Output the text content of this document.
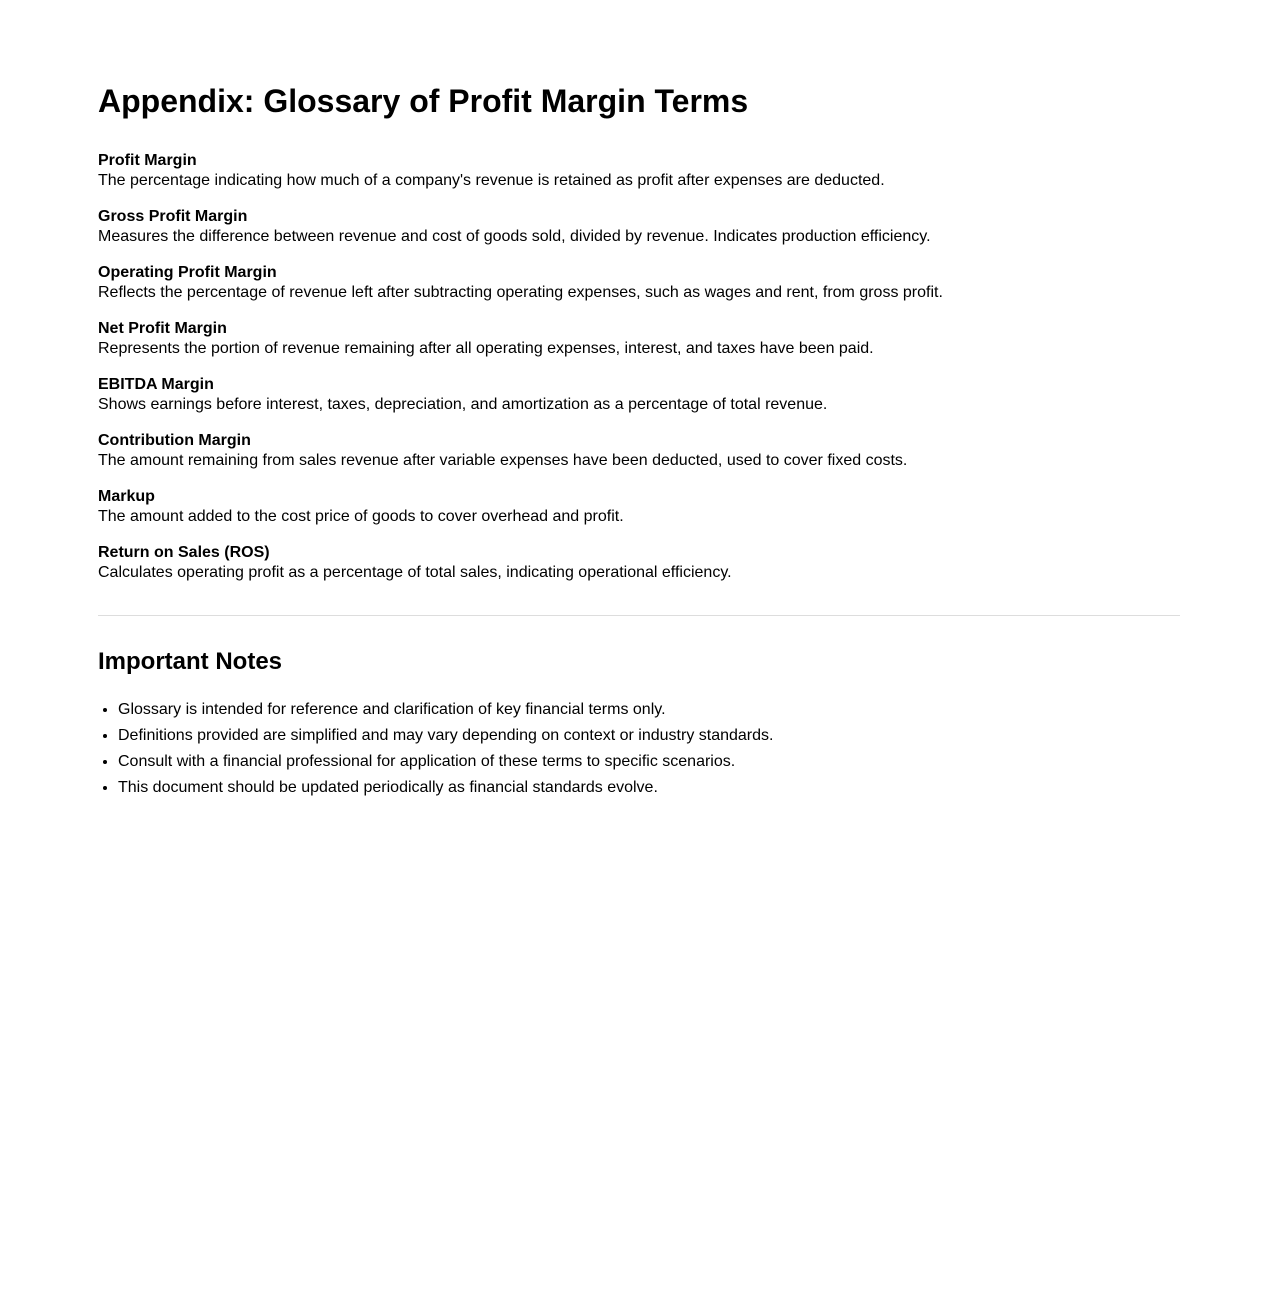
Appendix: Glossary of Profit Margin Terms
Profit Margin
The percentage indicating how much of a company's revenue is retained as profit after expenses are deducted.
Gross Profit Margin
Measures the difference between revenue and cost of goods sold, divided by revenue. Indicates production efficiency.
Operating Profit Margin
Reflects the percentage of revenue left after subtracting operating expenses, such as wages and rent, from gross profit.
Net Profit Margin
Represents the portion of revenue remaining after all operating expenses, interest, and taxes have been paid.
EBITDA Margin
Shows earnings before interest, taxes, depreciation, and amortization as a percentage of total revenue.
Contribution Margin
The amount remaining from sales revenue after variable expenses have been deducted, used to cover fixed costs.
Markup
The amount added to the cost price of goods to cover overhead and profit.
Return on Sales (ROS)
Calculates operating profit as a percentage of total sales, indicating operational efficiency.
Important Notes
• Glossary is intended for reference and clarification of key financial terms only.
• Definitions provided are simplified and may vary depending on context or industry standards.
• Consult with a financial professional for application of these terms to specific scenarios.
• This document should be updated periodically as financial standards evolve.
